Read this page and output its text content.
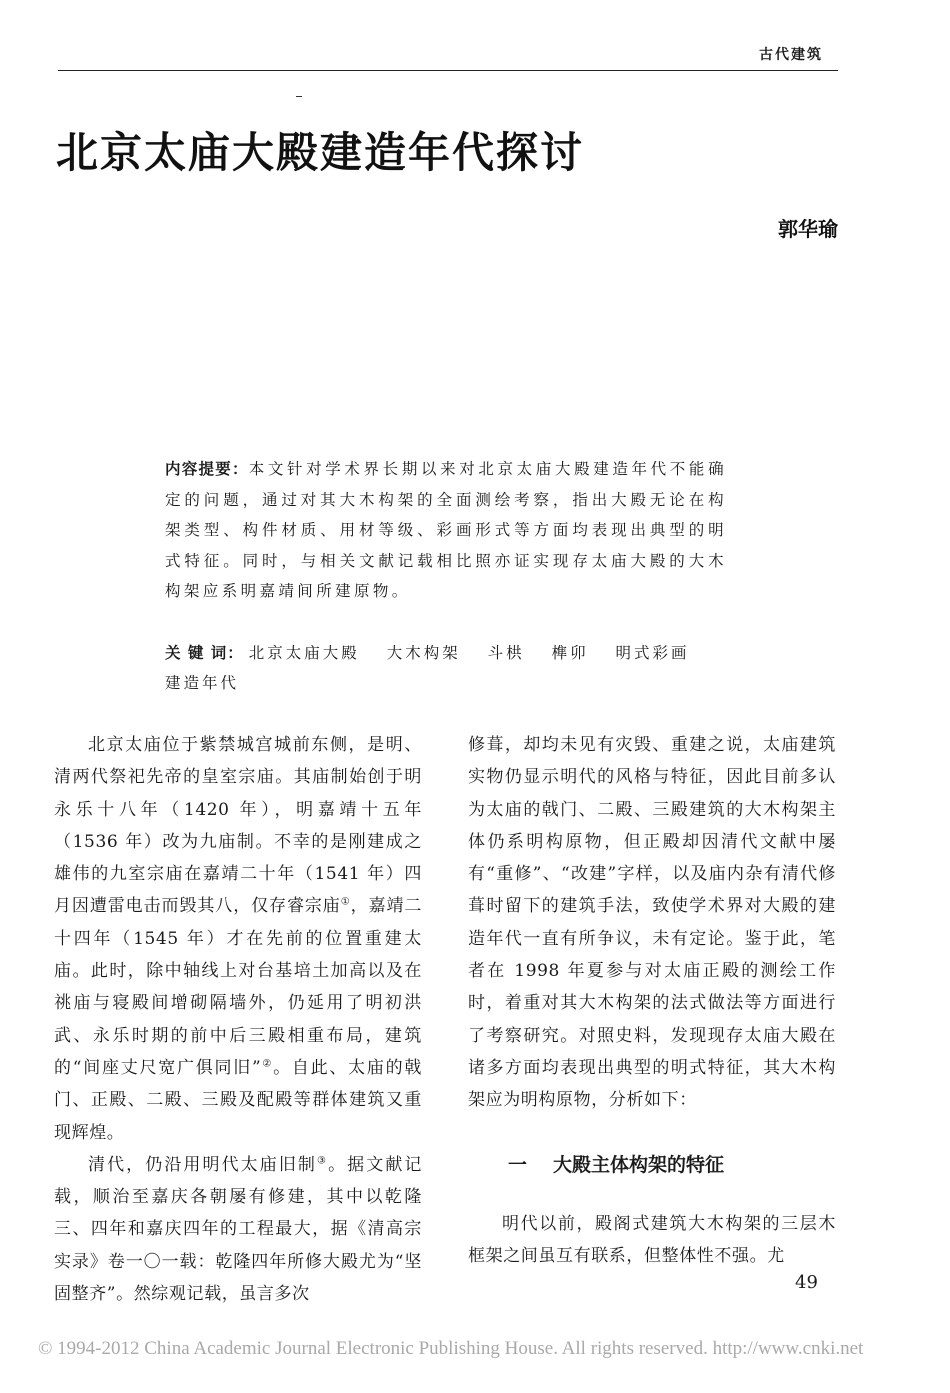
古代建筑
北京太庙大殿建造年代探讨
郭华瑜
内容提要：本文针对学术界长期以来对北京太庙大殿建造年代不能确定的问题，通过对其大木构架的全面测绘考察，指出大殿无论在构架类型、构件材质、用材等级、彩画形式等方面均表现出典型的明式特征。同时，与相关文献记载相比照亦证实现存太庙大殿的大木构架应系明嘉靖间所建原物。
关 键 词： 北京太庙大殿 大木构架 斗栱 榫卯 明式彩画 建造年代

北京太庙位于紫禁城宫城前东侧，是明、清两代祭祀先帝的皇室宗庙。其庙制始创于明永乐十八年（1420 年），明嘉靖十五年（1536 年）改为九庙制。不幸的是刚建成之雄伟的九室宗庙在嘉靖二十年（1541 年）四月因遭雷电击而毁其八，仅存睿宗庙①，嘉靖二十四年（1545 年）才在先前的位置重建太庙。此时，除中轴线上对台基培土加高以及在祧庙与寝殿间增砌隔墙外，仍延用了明初洪武、永乐时期的前中后三殿相重布局，建筑的“间座丈尺宽广俱同旧”②。自此、太庙的戟门、正殿、二殿、三殿及配殿等群体建筑又重现辉煌。

清代，仍沿用明代太庙旧制③。据文献记载，顺治至嘉庆各朝屡有修建，其中以乾隆三、四年和嘉庆四年的工程最大，据《清高宗实录》卷一〇一载：乾隆四年所修大殿尤为“坚固整齐”。然综观记载，虽言多次

修葺，却均未见有灾毁、重建之说，太庙建筑实物仍显示明代的风格与特征，因此目前多认为太庙的戟门、二殿、三殿建筑的大木构架主体仍系明构原物，但正殿却因清代文献中屡有“重修”、“改建”字样，以及庙内杂有清代修葺时留下的建筑手法，致使学术界对大殿的建造年代一直有所争议，未有定论。鉴于此，笔者在 1998 年夏参与对太庙正殿的测绘工作时，着重对其大木构架的法式做法等方面进行了考察研究。对照史料，发现现存太庙大殿在诸多方面均表现出典型的明式特征，其大木构架应为明构原物，分析如下：

一 大殿主体构架的特征

明代以前，殿阁式建筑大木构架的三层木框架之间虽互有联系，但整体性不强。尤

49
© 1994-2012 China Academic Journal Electronic Publishing House. All rights reserved. http://www.cnki.net
